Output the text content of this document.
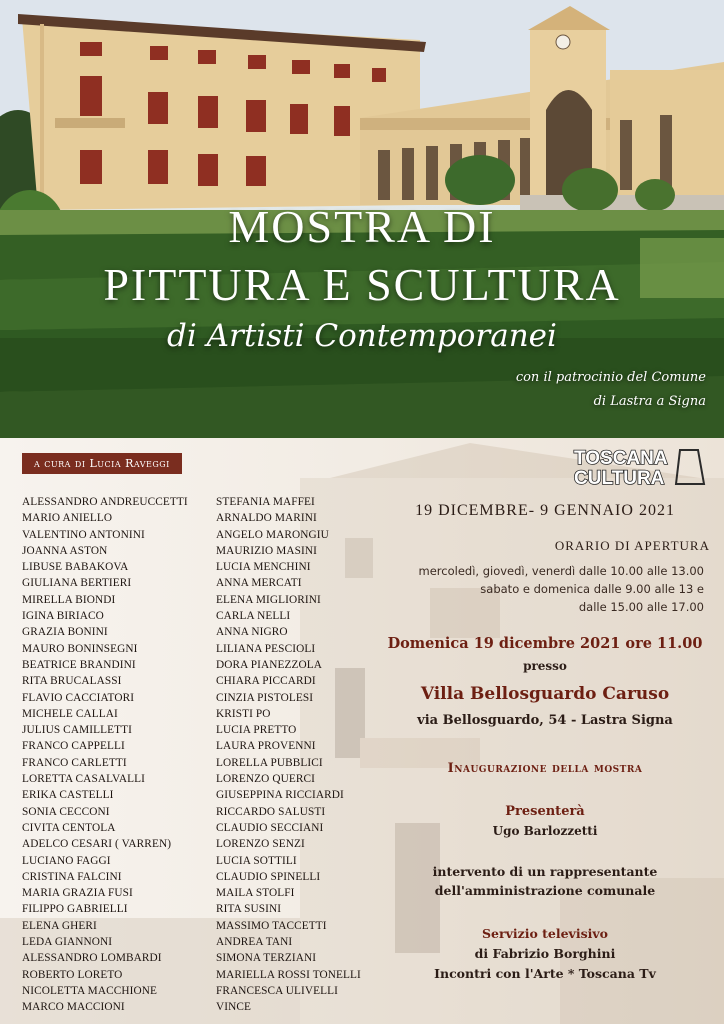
MOSTRA DI
PITTURA E SCULTURA
di Artisti Contemporanei
con il patrocinio del Comune
di Lastra a Signa
a cura di Lucia Raveggi	TOSCANA
CULTURA
ALESSANDRO ANDREUCCETTI
MARIO ANIELLO
VALENTINO ANTONINI
JOANNA ASTON
LIBUSE BABAKOVA
GIULIANA BERTIERI
MIRELLA BIONDI
IGINA BIRIACO
GRAZIA BONINI
MAURO BONINSEGNI
BEATRICE BRANDINI
RITA BRUCALASSI
FLAVIO CACCIATORI
MICHELE CALLAI
JULIUS CAMILLETTI
FRANCO CAPPELLI
FRANCO CARLETTI
LORETTA CASALVALLI
ERIKA CASTELLI
SONIA CECCONI
CIVITA CENTOLA
ADELCO CESARI ( VARREN)
LUCIANO FAGGI
CRISTINA FALCINI
MARIA GRAZIA FUSI
FILIPPO GABRIELLI
ELENA GHERI
LEDA GIANNONI
ALESSANDRO LOMBARDI
ROBERTO LORETO
NICOLETTA MACCHIONE
MARCO MACCIONI
STEFANIA MAFFEI
ARNALDO MARINI
ANGELO MARONGIU
MAURIZIO MASINI
LUCIA MENCHINI
ANNA MERCATI
ELENA MIGLIORINI
CARLA NELLI
ANNA NIGRO
LILIANA PESCIOLI
DORA PIANEZZOLA
CHIARA PICCARDI
CINZIA PISTOLESI
KRISTI PO
LUCIA PRETTO
LAURA PROVENNI
LORELLA PUBBLICI
LORENZO QUERCI
GIUSEPPINA RICCIARDI
RICCARDO SALUSTI
CLAUDIO SECCIANI
LORENZO SENZI
LUCIA SOTTILI
CLAUDIO SPINELLI
MAILA STOLFI
RITA SUSINI
MASSIMO TACCETTI
ANDREA TANI
SIMONA TERZIANI
MARIELLA ROSSI TONELLI
FRANCESCA ULIVELLI
VINCE
19 DICEMBRE- 9 GENNAIO 2021
ORARIO DI APERTURA
mercoledì, giovedì, venerdì dalle 10.00 alle 13.00
sabato e domenica dalle 9.00 alle 13 e
dalle 15.00 alle 17.00
Domenica 19 dicembre 2021 ore 11.00
presso
Villa Bellosguardo Caruso
via Bellosguardo, 54 - Lastra Signa
Inaugurazione della mostra
Presenterà
Ugo Barlozzetti
intervento di un rappresentante
dell'amministrazione comunale
Servizio televisivo
di Fabrizio Borghini
Incontri con l'Arte * Toscana Tv
